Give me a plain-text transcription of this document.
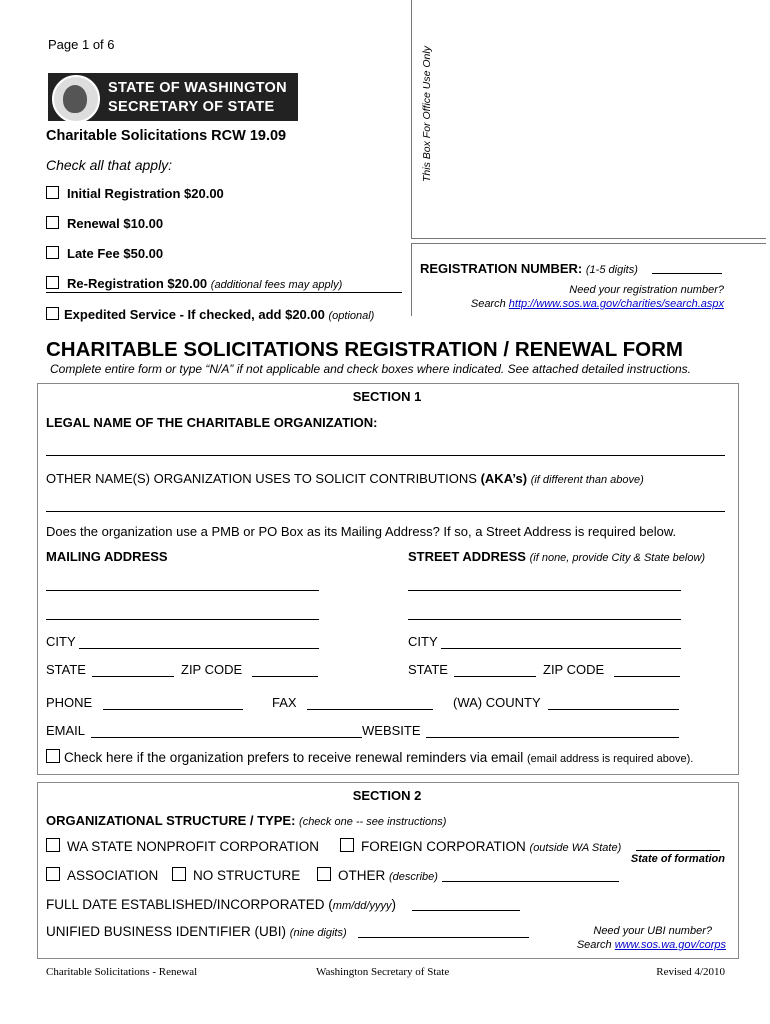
This Box For Office Use Only
Page 1 of 6
STATE OF WASHINGTON
SECRETARY OF STATE
Charitable Solicitations RCW 19.09
Check all that apply:
Initial Registration $20.00
Renewal $10.00
Late Fee $50.00
Re-Registration $20.00 (additional fees may apply)
Expedited Service - If checked, add $20.00 (optional)
REGISTRATION NUMBER: (1-5 digits)
Need your registration number?
Search http://www.sos.wa.gov/charities/search.aspx
CHARITABLE SOLICITATIONS REGISTRATION / RENEWAL FORM
Complete entire form or type “N/A” if not applicable and check boxes where indicated. See attached detailed instructions.
SECTION 1
LEGAL NAME OF THE CHARITABLE ORGANIZATION:
OTHER NAME(S) ORGANIZATION USES TO SOLICIT CONTRIBUTIONS (AKA’s) (if different than above)
Does the organization use a PMB or PO Box as its Mailing Address? If so, a Street Address is required below.
MAILING ADDRESS	STREET ADDRESS (if none, provide City & State below)
CITY	CITY
STATE	ZIP CODE	STATE	ZIP CODE
PHONE	FAX	(WA) COUNTY
EMAIL	WEBSITE
Check here if the organization prefers to receive renewal reminders via email (email address is required above).
SECTION 2
ORGANIZATIONAL STRUCTURE / TYPE: (check one -- see instructions)
WA STATE NONPROFIT CORPORATION	FOREIGN CORPORATION (outside WA State)
State of formation
ASSOCIATION	NO STRUCTURE	OTHER (describe)
FULL DATE ESTABLISHED/INCORPORATED (mm/dd/yyyy)
UNIFIED BUSINESS IDENTIFIER (UBI) (nine digits)	Need your UBI number?
Search www.sos.wa.gov/corps
Charitable Solicitations - Renewal	Washington Secretary of State	Revised 4/2010
